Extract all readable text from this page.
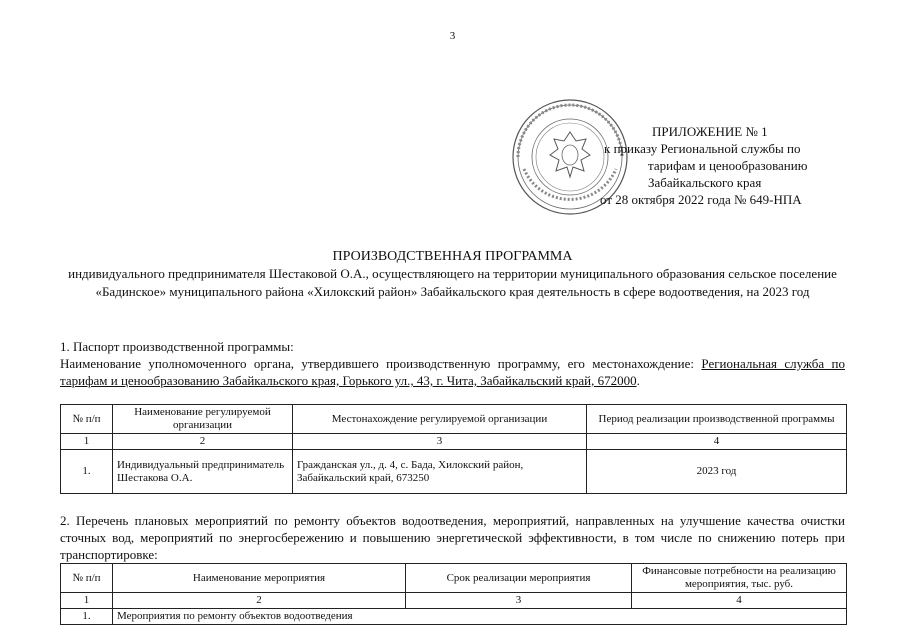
3
ПРИЛОЖЕНИЕ № 1
к приказу Региональной службы по
тарифам и ценообразованию
Забайкальского края
от 28 октября 2022 года № 649-НПА
ПРОИЗВОДСТВЕННАЯ ПРОГРАММА
индивидуального предпринимателя Шестаковой О.А., осуществляющего на территории муниципального образования сельское поселение «Бадинское» муниципального района «Хилокский район» Забайкальского края деятельность в сфере водоотведения, на 2023 год
1. Паспорт производственной программы:
Наименование уполномоченного органа, утвердившего производственную программу, его местонахождение: Региональная служба по тарифам и ценообразованию Забайкальского края, Горького ул., 43, г. Чита, Забайкальский край, 672000.
№ п/п	Наименование регулируемой организации	Местонахождение регулируемой организации	Период реализации производственной программы
1	2	3	4
1.	Индивидуальный предприниматель Шестакова О.А.	Гражданская ул., д. 4, с. Бада, Хилокский район, Забайкальский край, 673250	2023 год
2. Перечень плановых мероприятий по ремонту объектов водоотведения, мероприятий, направленных на улучшение качества очистки сточных вод, мероприятий по энергосбережению и повышению энергетической эффективности, в том числе по снижению потерь при транспортировке:
№ п/п	Наименование мероприятия	Срок реализации мероприятия	Финансовые потребности на реализацию мероприятия, тыс. руб.
1	2	3	4
1.	Мероприятия по ремонту объектов водоотведения		
